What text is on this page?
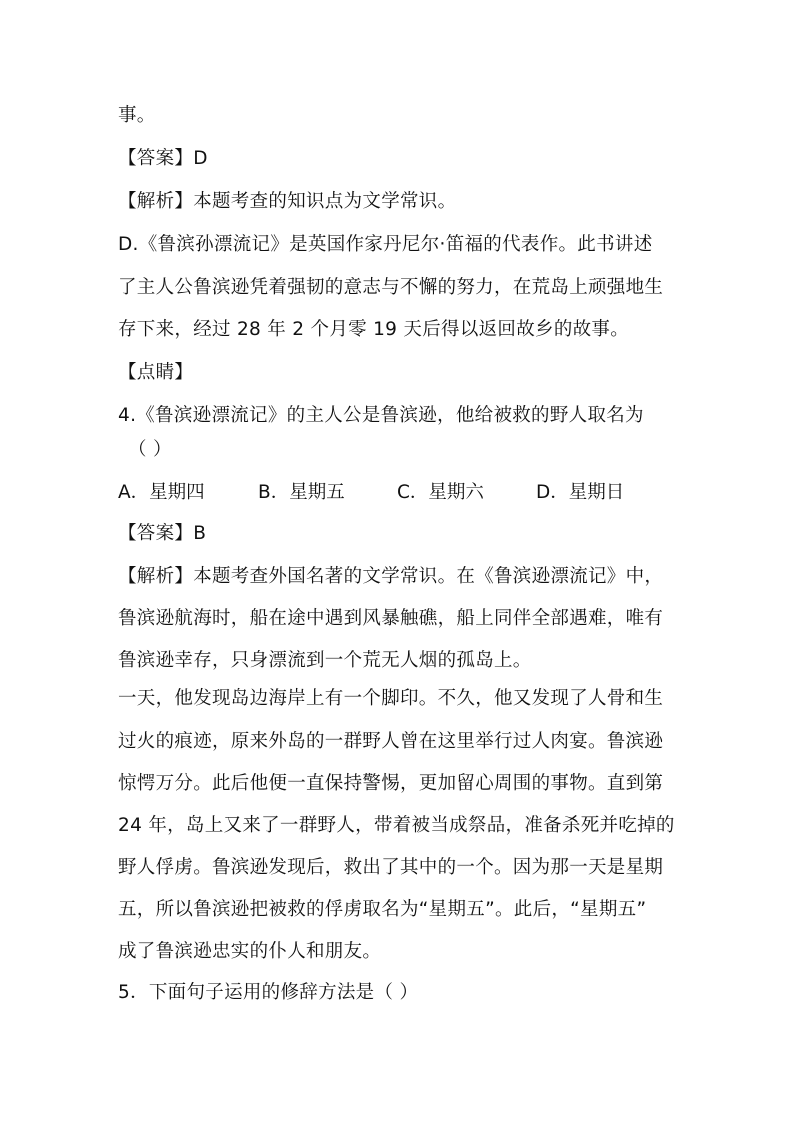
事。

【答案】D

【解析】本题考查的知识点为文学常识。

D.《鲁滨孙漂流记》是英国作家丹尼尔·笛福的代表作。此书讲述

了主人公鲁滨逊凭着强韧的意志与不懈的努力，在荒岛上顽强地生

存下来，经过 28 年 2 个月零 19 天后得以返回故乡的故事。

【点睛】

4.《鲁滨逊漂流记》的主人公是鲁滨逊，他给被救的野人取名为

（ ）

A．星期四	B．星期五	C．星期六	D．星期日

【答案】B

【解析】本题考查外国名著的文学常识。在《鲁滨逊漂流记》中，

鲁滨逊航海时，船在途中遇到风暴触礁，船上同伴全部遇难，唯有

鲁滨逊幸存，只身漂流到一个荒无人烟的孤岛上。

一天，他发现岛边海岸上有一个脚印。不久，他又发现了人骨和生

过火的痕迹，原来外岛的一群野人曾在这里举行过人肉宴。鲁滨逊

惊愕万分。此后他便一直保持警惕，更加留心周围的事物。直到第

24 年，岛上又来了一群野人，带着被当成祭品，准备杀死并吃掉的

野人俘虏。鲁滨逊发现后，救出了其中的一个。因为那一天是星期

五，所以鲁滨逊把被救的俘虏取名为“星期五”。此后，“星期五”

成了鲁滨逊忠实的仆人和朋友。

5．下面句子运用的修辞方法是（ ）
